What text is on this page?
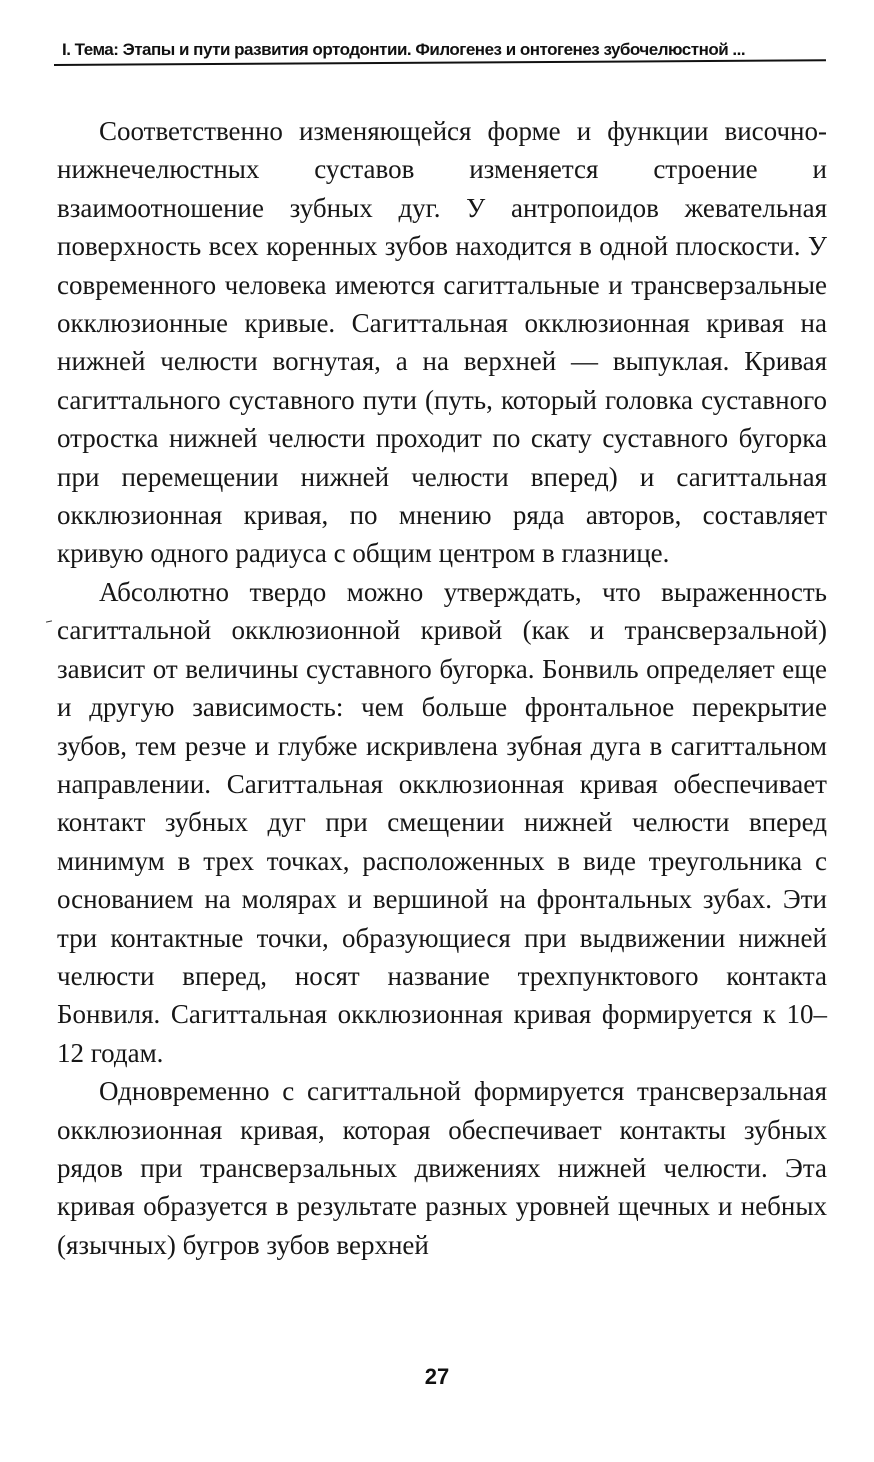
I. Тема: Этапы и пути развития ортодонтии. Филогенез и онтогенез зубочелюстной ...

Соответственно изменяющейся форме и функции височно-нижнечелюстных суставов изменяется строение и взаимоотношение зубных дуг. У антропоидов жевательная поверхность всех коренных зубов находится в одной плоскости. У современного человека имеются сагиттальные и трансверзальные окклюзионные кривые. Сагиттальная окклюзионная кривая на нижней челюсти вогнутая, а на верхней — выпуклая. Кривая сагиттального суставного пути (путь, который головка суставного отростка нижней челюсти проходит по скату суставного бугорка при перемещении нижней челюсти вперед) и сагиттальная окклюзионная кривая, по мнению ряда авторов, составляет кривую одного радиуса с общим центром в глазнице.

Абсолютно твердо можно утверждать, что выраженность сагиттальной окклюзионной кривой (как и трансверзальной) зависит от величины суставного бугорка. Бонвиль определяет еще и другую зависимость: чем больше фронтальное перекрытие зубов, тем резче и глубже искривлена зубная дуга в сагиттальном направлении. Сагиттальная окклюзионная кривая обеспечивает контакт зубных дуг при смещении нижней челюсти вперед минимум в трех точках, расположенных в виде треугольника с основанием на молярах и вершиной на фронтальных зубах. Эти три контактные точки, образующиеся при выдвижении нижней челюсти вперед, носят название трехпунктового контакта Бонвиля. Сагиттальная окклюзионная кривая формируется к 10–12 годам.

Одновременно с сагиттальной формируется трансверзальная окклюзионная кривая, которая обеспечивает контакты зубных рядов при трансверзальных движениях нижней челюсти. Эта кривая образуется в результате разных уровней щечных и небных (язычных) бугров зубов верхней

27
